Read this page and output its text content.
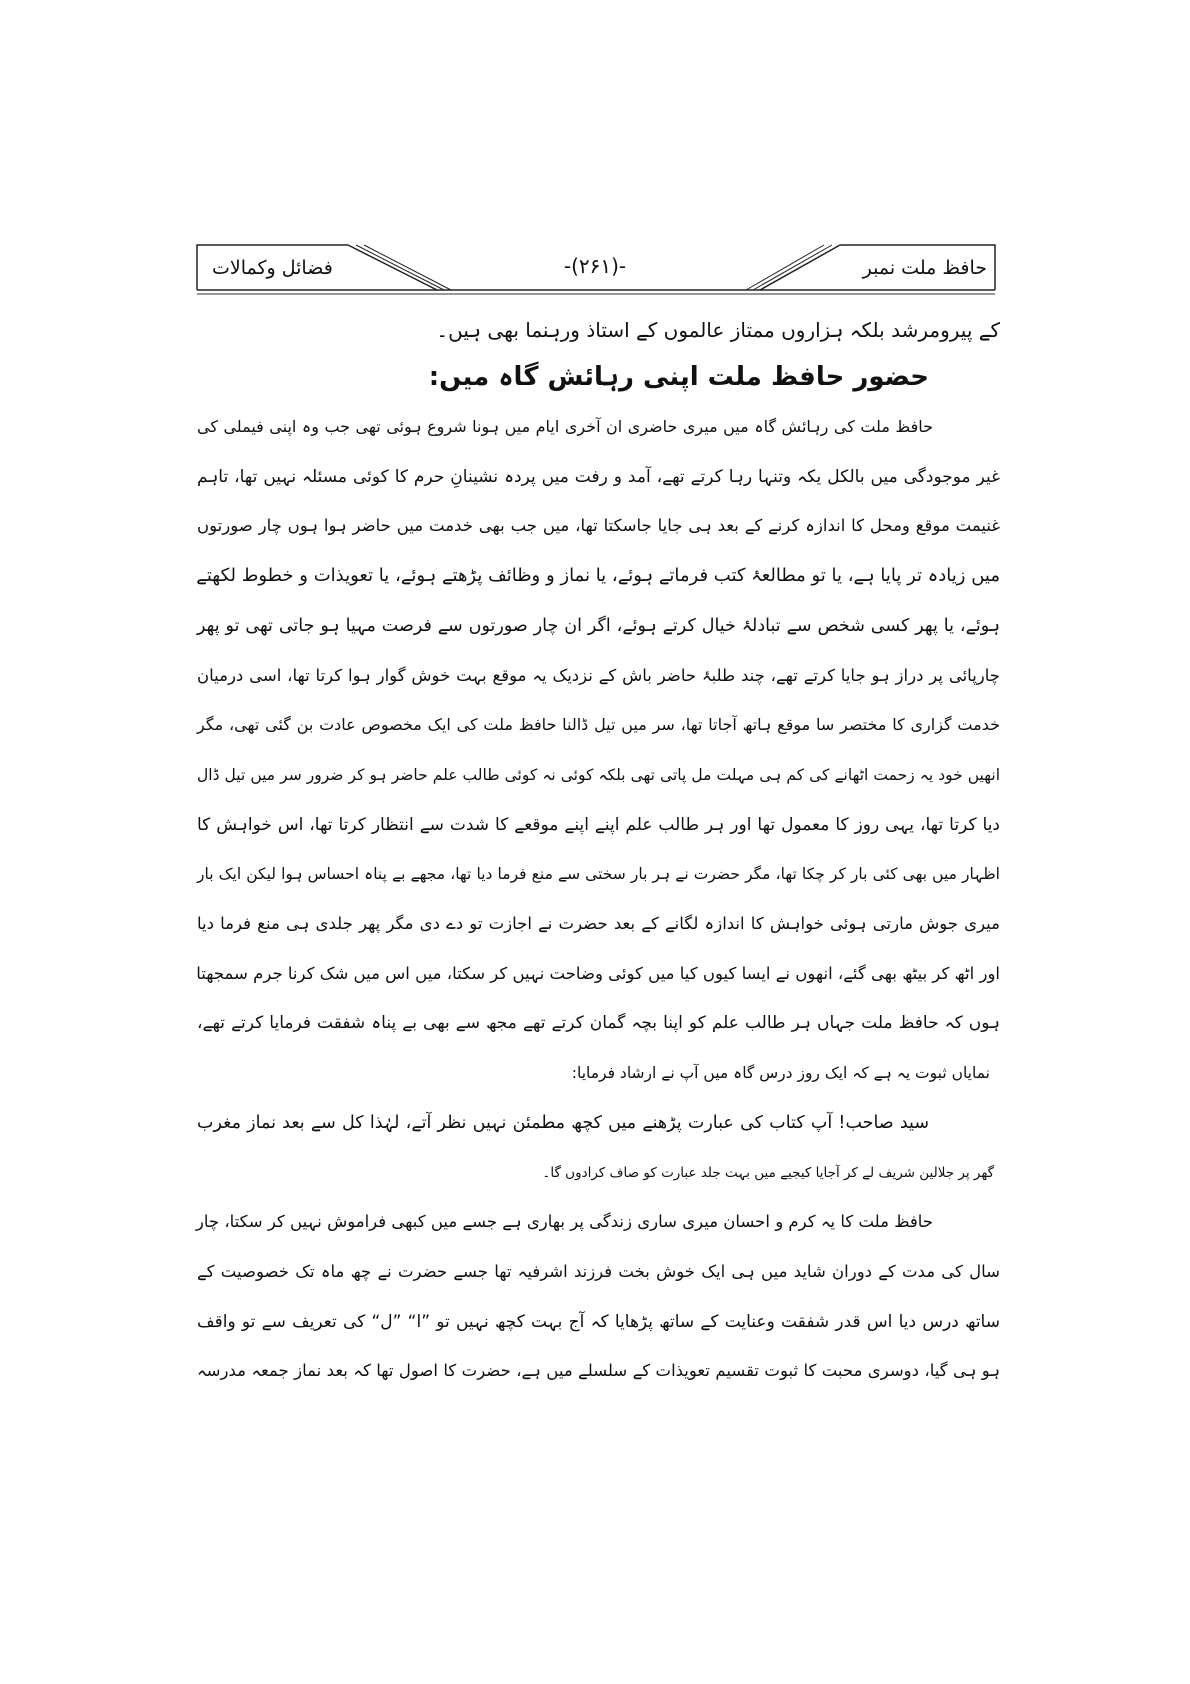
حافظ ملت نمبر
-(۲۶۱)-
فضائل وکمالات
کے پیرومرشد بلکہ ہزاروں ممتاز عالموں کے استاذ ورہنما بھی ہیں۔
حضور حافظ ملت اپنی رہائش گاہ میں:
حافظ ملت کی رہائش گاہ میں میری حاضری ان آخری ایام میں ہونا شروع ہوئی تھی جب وہ اپنی فیملی کی
غیر موجودگی میں بالکل یکہ وتنہا رہا کرتے تھے، آمد و رفت میں پردہ نشینانِ حرم کا کوئی مسئلہ نہیں تھا، تاہم
غنیمت موقع ومحل کا اندازہ کرنے کے بعد ہی جایا جاسکتا تھا، میں جب بھی خدمت میں حاضر ہوا ہوں چار صورتوں
میں زیادہ تر پایا ہے، یا تو مطالعۂ کتب فرماتے ہوئے، یا نماز و وظائف پڑھتے ہوئے، یا تعویذات و خطوط لکھتے
ہوئے، یا پھر کسی شخص سے تبادلۂ خیال کرتے ہوئے، اگر ان چار صورتوں سے فرصت مہیا ہو جاتی تھی تو پھر
چارپائی پر دراز ہو جایا کرتے تھے، چند طلبۂ حاضر باش کے نزدیک یہ موقع بہت خوش گوار ہوا کرتا تھا، اسی درمیان
خدمت گزاری کا مختصر سا موقع ہاتھ آجاتا تھا، سر میں تیل ڈالنا حافظ ملت کی ایک مخصوص عادت بن گئی تھی، مگر
انھیں خود یہ زحمت اٹھانے کی کم ہی مہلت مل پاتی تھی بلکہ کوئی نہ کوئی طالب علم حاضر ہو کر ضرور سر میں تیل ڈال
دیا کرتا تھا، یہی روز کا معمول تھا اور ہر طالب علم اپنے اپنے موقعے کا شدت سے انتظار کرتا تھا، اس خواہش کا
اظہار میں بھی کئی بار کر چکا تھا، مگر حضرت نے ہر بار سختی سے منع فرما دیا تھا، مجھے بے پناہ احساس ہوا لیکن ایک بار
میری جوش مارتی ہوئی خواہش کا اندازہ لگانے کے بعد حضرت نے اجازت تو دے دی مگر پھر جلدی ہی منع فرما دیا
اور اٹھ کر بیٹھ بھی گئے، انھوں نے ایسا کیوں کیا میں کوئی وضاحت نہیں کر سکتا، میں اس میں شک کرنا جرم سمجھتا
ہوں کہ حافظ ملت جہاں ہر طالب علم کو اپنا بچہ گمان کرتے تھے مجھ سے بھی بے پناہ شفقت فرمایا کرتے تھے،
نمایاں ثبوت یہ ہے کہ ایک روز درس گاہ میں آپ نے ارشاد فرمایا:
سید صاحب! آپ کتاب کی عبارت پڑھنے میں کچھ مطمئن نہیں نظر آتے، لہٰذا کل سے بعد نماز مغرب
گھر پر جلالین شریف لے کر آجایا کیجیے میں بہت جلد عبارت کو صاف کرادوں گا۔
حافظ ملت کا یہ کرم و احسان میری ساری زندگی پر بھاری ہے جسے میں کبھی فراموش نہیں کر سکتا، چار
سال کی مدت کے دوران شاید میں ہی ایک خوش بخت فرزند اشرفیہ تھا جسے حضرت نے چھ ماہ تک خصوصیت کے
ساتھ درس دیا اس قدر شفقت وعنایت کے ساتھ پڑھایا کہ آج بہت کچھ نہیں تو ”ا“ ”ل“ کی تعریف سے تو واقف
ہو ہی گیا، دوسری محبت کا ثبوت تقسیم تعویذات کے سلسلے میں ہے، حضرت کا اصول تھا کہ بعد نماز جمعہ مدرسہ
